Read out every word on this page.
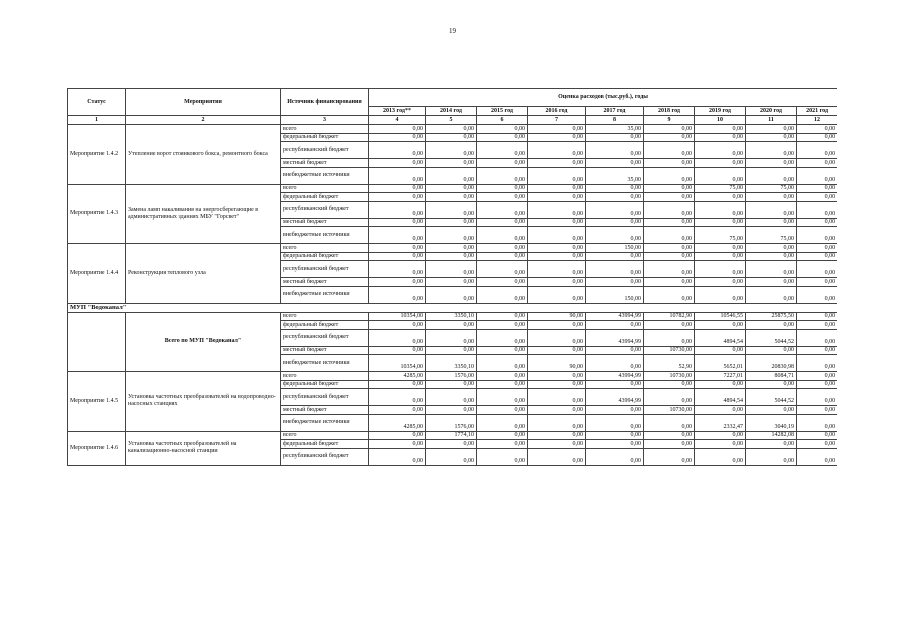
19
Статус	Мероприятия	Источник финансирования	Оценка расходов (тыс.руб.), годы								
			2013 год**	2014 год	2015 год	2016 год	2017 год	2018 год	2019 год	2020 год	2021 год
1	2	3	4	5	6	7	8	9	10	11	12
Мероприятие 1.4.2	Утепление ворот стоянкового бокса, ремонтного бокса	всего	0,00	0,00	0,00	0,00	35,00	0,00	0,00	0,00	0,00
		федеральный бюджет	0,00	0,00	0,00	0,00	0,00	0,00	0,00	0,00	0,00
		республиканский бюджет	0,00	0,00	0,00	0,00	0,00	0,00	0,00	0,00	0,00
		местный бюджет	0,00	0,00	0,00	0,00	0,00	0,00	0,00	0,00	0,00
		внебюджетные источники	0,00	0,00	0,00	0,00	35,00	0,00	0,00	0,00	0,00
Мероприятие 1.4.3	Замена ламп накаливания на энергосберегающие в административных зданиях МБУ "Горсвет"	всего	0,00	0,00	0,00	0,00	0,00	0,00	75,00	75,00	0,00
		федеральный бюджет	0,00	0,00	0,00	0,00	0,00	0,00	0,00	0,00	0,00
		республиканский бюджет	0,00	0,00	0,00	0,00	0,00	0,00	0,00	0,00	0,00
		местный бюджет	0,00	0,00	0,00	0,00	0,00	0,00	0,00	0,00	0,00
		внебюджетные источники	0,00	0,00	0,00	0,00	0,00	0,00	75,00	75,00	0,00
Мероприятие 1.4.4	Реконструкция теплового узла	всего	0,00	0,00	0,00	0,00	150,00	0,00	0,00	0,00	0,00
		федеральный бюджет	0,00	0,00	0,00	0,00	0,00	0,00	0,00	0,00	0,00
		республиканский бюджет	0,00	0,00	0,00	0,00	0,00	0,00	0,00	0,00	0,00
		местный бюджет	0,00	0,00	0,00	0,00	0,00	0,00	0,00	0,00	0,00
		внебюджетные источники	0,00	0,00	0,00	0,00	150,00	0,00	0,00	0,00	0,00
МУП "Водоканал"											
	Всего по МУП "Водоканал"	всего	10354,00	3350,10	0,00	90,00	43994,99	10782,90	10546,55	25875,50	0,00
		федеральный бюджет	0,00	0,00	0,00	0,00	0,00	0,00	0,00	0,00	0,00
		республиканский бюджет	0,00	0,00	0,00	0,00	43994,99	0,00	4894,54	5044,52	0,00
		местный бюджет	0,00	0,00	0,00	0,00	0,00	10730,00	0,00	0,00	0,00
		внебюджетные источники	10354,00	3350,10	0,00	90,00	0,00	52,90	5652,01	20830,98	0,00
Мероприятие 1.4.5	Установка частотных преобразователей на водопроводно-насосных станциях	всего	4285,00	1576,00	0,00	0,00	43994,99	10730,00	7227,01	8084,71	0,00
		федеральный бюджет	0,00	0,00	0,00	0,00	0,00	0,00	0,00	0,00	0,00
		республиканский бюджет	0,00	0,00	0,00	0,00	43994,99	0,00	4894,54	5044,52	0,00
		местный бюджет	0,00	0,00	0,00	0,00	0,00	10730,00	0,00	0,00	0,00
		внебюджетные источники	4285,00	1576,00	0,00	0,00	0,00	0,00	2332,47	3040,19	0,00
Мероприятие 1.4.6	Установка частотных преобразователей на канализационно-насосной станции	всего	0,00	1774,10	0,00	0,00	0,00	0,00	0,00	14282,08	0,00
		федеральный бюджет	0,00	0,00	0,00	0,00	0,00	0,00	0,00	0,00	0,00
		республиканский бюджет	0,00	0,00	0,00	0,00	0,00	0,00	0,00	0,00	0,00
